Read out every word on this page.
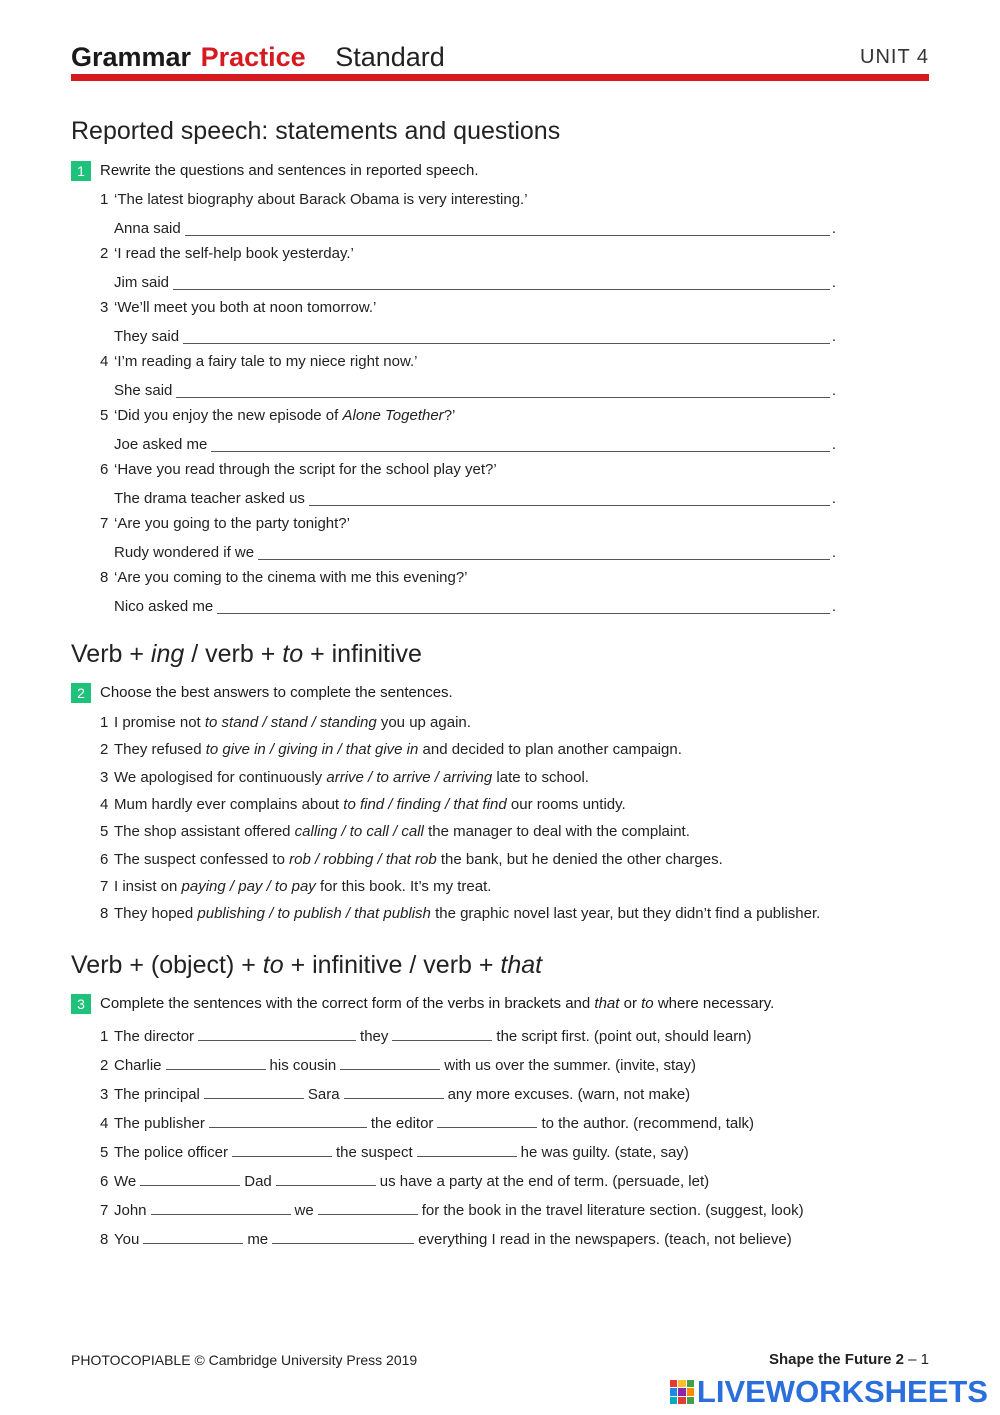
Grammar Practice Standard	UNIT 4
Reported speech: statements and questions
1 Rewrite the questions and sentences in reported speech.
1 ‘The latest biography about Barack Obama is very interesting.’
Anna said	.
2 ‘I read the self-help book yesterday.’
Jim said	.
3 ‘We’ll meet you both at noon tomorrow.’
They said	.
4 ‘I’m reading a fairy tale to my niece right now.’
She said	.
5 ‘Did you enjoy the new episode of Alone Together?’
Joe asked me	.
6 ‘Have you read through the script for the school play yet?’
The drama teacher asked us	.
7 ‘Are you going to the party tonight?’
Rudy wondered if we	.
8 ‘Are you coming to the cinema with me this evening?’
Nico asked me	.
Verb + ing / verb + to + infinitive
2 Choose the best answers to complete the sentences.
1 I promise not to stand / stand / standing you up again.
2 They refused to give in / giving in / that give in and decided to plan another campaign.
3 We apologised for continuously arrive / to arrive / arriving late to school.
4 Mum hardly ever complains about to find / finding / that find our rooms untidy.
5 The shop assistant offered calling / to call / call the manager to deal with the complaint.
6 The suspect confessed to rob / robbing / that rob the bank, but he denied the other charges.
7 I insist on paying / pay / to pay for this book. It’s my treat.
8 They hoped publishing / to publish / that publish the graphic novel last year, but they didn’t find a publisher.
Verb + (object) + to + infinitive / verb + that
3 Complete the sentences with the correct form of the verbs in brackets and that or to where necessary.
1 The director	they	the script first. (point out, should learn)
2 Charlie	his cousin	with us over the summer. (invite, stay)
3 The principal	Sara	any more excuses. (warn, not make)
4 The publisher	the editor	to the author. (recommend, talk)
5 The police officer	the suspect	he was guilty. (state, say)
6 We	Dad	us have a party at the end of term. (persuade, let)
7 John	we	for the book in the travel literature section. (suggest, look)
8 You	me	everything I read in the newspapers. (teach, not believe)
PHOTOCOPIABLE © Cambridge University Press 2019	Shape the Future 2 – 1
LIVEWORKSHEETS
